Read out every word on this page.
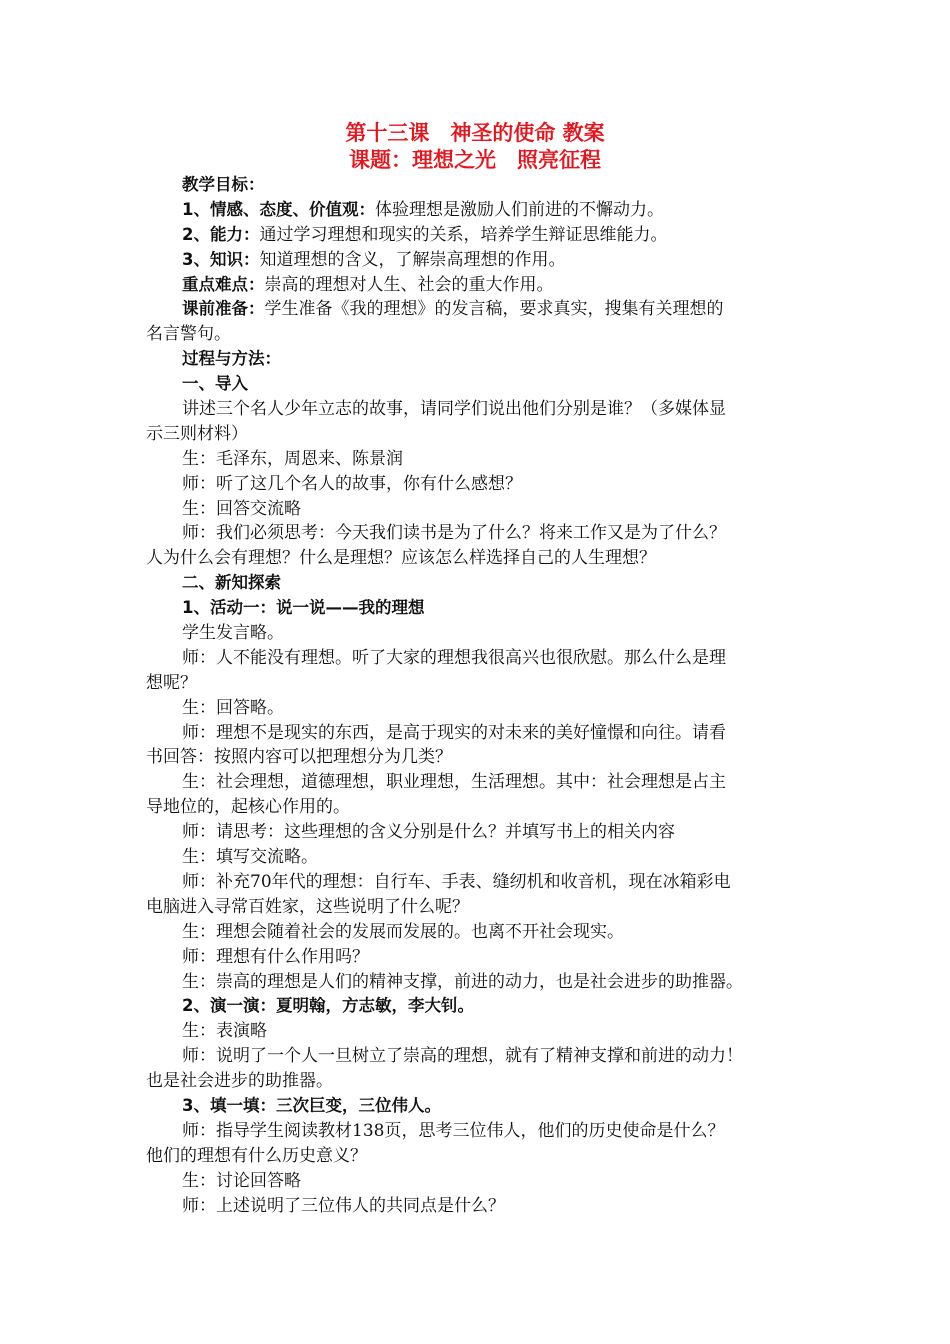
第十三课　神圣的使命 教案
课题：理想之光　照亮征程
教学目标：
1、情感、态度、价值观：体验理想是激励人们前进的不懈动力。
2、能力：通过学习理想和现实的关系，培养学生辩证思维能力。
3、知识：知道理想的含义，了解崇高理想的作用。
重点难点：崇高的理想对人生、社会的重大作用。
课前准备：学生准备《我的理想》的发言稿，要求真实，搜集有关理想的
名言警句。
过程与方法：
一、导入
讲述三个名人少年立志的故事，请同学们说出他们分别是谁？（多媒体显
示三则材料）
生：毛泽东，周恩来、陈景润
师：听了这几个名人的故事，你有什么感想？
生：回答交流略
师：我们必须思考：今天我们读书是为了什么？将来工作又是为了什么？
人为什么会有理想？什么是理想？应该怎么样选择自己的人生理想？
二、新知探索
1、活动一：说一说——我的理想
学生发言略。
师：人不能没有理想。听了大家的理想我很高兴也很欣慰。那么什么是理
想呢？
生：回答略。
师：理想不是现实的东西，是高于现实的对未来的美好憧憬和向往。请看
书回答：按照内容可以把理想分为几类？
生：社会理想，道德理想，职业理想，生活理想。其中：社会理想是占主
导地位的，起核心作用的。
师：请思考：这些理想的含义分别是什么？并填写书上的相关内容
生：填写交流略。
师：补充70年代的理想：自行车、手表、缝纫机和收音机，现在冰箱彩电
电脑进入寻常百姓家，这些说明了什么呢？
生：理想会随着社会的发展而发展的。也离不开社会现实。
师：理想有什么作用吗？
生：崇高的理想是人们的精神支撑，前进的动力，也是社会进步的助推器。
2、演一演：夏明翰，方志敏，李大钊。
生：表演略
师：说明了一个人一旦树立了崇高的理想，就有了精神支撑和前进的动力！
也是社会进步的助推器。
3、填一填：三次巨变，三位伟人。
师：指导学生阅读教材138页，思考三位伟人，他们的历史使命是什么？
他们的理想有什么历史意义？
生：讨论回答略
师：上述说明了三位伟人的共同点是什么？
